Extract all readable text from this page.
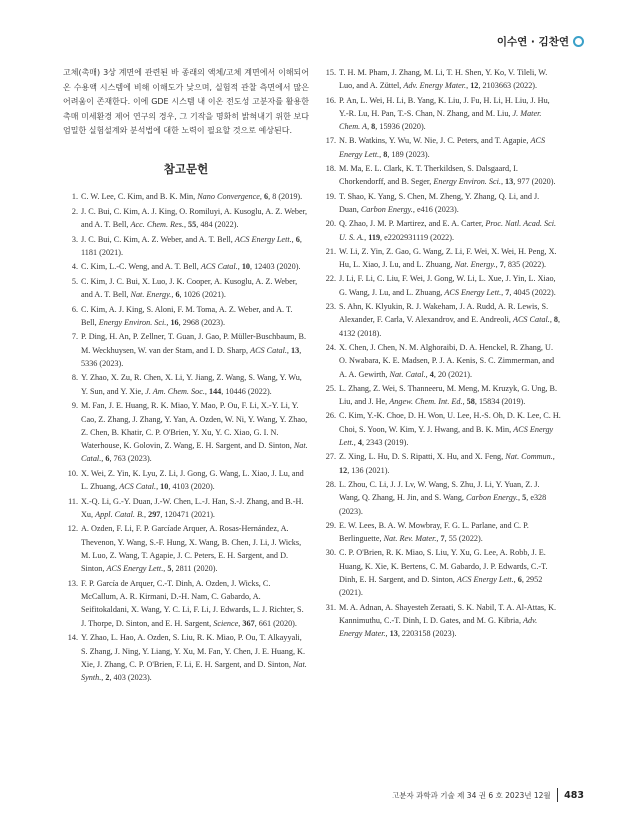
이수연 · 김찬연

고체(촉매) 3상 계면에 관련된 바 종래의 액체/고체 계면에서 이해되어온 수용액 시스템에 비해 이해도가 낮으며, 실험적 관찰 측면에서 많은 어려움이 존재한다. 이에 GDE 시스템 내 이온 전도성 고분자를 활용한 촉매 미세환경 제어 연구의 경우, 그 기작을 명화히 밝혀내기 위한 보다 엄밀한 실험설계와 분석법에 대한 노력이 필요할 것으로 예상된다.

참고문헌
1. C. W. Lee, C. Kim, and B. K. Min, Nano Convergence, 6, 8 (2019).
2. J. C. Bui, C. Kim, A. J. King, O. Romiluyi, A. Kusoglu, A. Z. Weber, and A. T. Bell, Acc. Chem. Res., 55, 484 (2022).
3. J. C. Bui, C. Kim, A. Z. Weber, and A. T. Bell, ACS Energy Lett., 6, 1181 (2021).
4. C. Kim, L.-C. Weng, and A. T. Bell, ACS Catal., 10, 12403 (2020).
5. C. Kim, J. C. Bui, X. Luo, J. K. Cooper, A. Kusoglu, A. Z. Weber, and A. T. Bell, Nat. Energy., 6, 1026 (2021).
6. C. Kim, A. J. King, S. Aloni, F. M. Toma, A. Z. Weber, and A. T. Bell, Energy Environ. Sci., 16, 2968 (2023).
7. P. Ding, H. An, P. Zellner, T. Guan, J. Gao, P. Müller-Buschbaum, B. M. Weckhuysen, W. van der Stam, and I. D. Sharp, ACS Catal., 13, 5336 (2023).
8. Y. Zhao, X. Zu, R. Chen, X. Li, Y. Jiang, Z. Wang, S. Wang, Y. Wu, Y. Sun, and Y. Xie, J. Am. Chem. Soc., 144, 10446 (2022).
9. M. Fan, J. E. Huang, R. K. Miao, Y. Mao, P. Ou, F. Li, X.-Y. Li, Y. Cao, Z. Zhang, J. Zhang, Y. Yan, A. Ozden, W. Ni, Y. Wang, Y. Zhao, Z. Chen, B. Khatir, C. P. O'Brien, Y. Xu, Y. C. Xiao, G. I. N. Waterhouse, K. Golovin, Z. Wang, E. H. Sargent, and D. Sinton, Nat. Catal., 6, 763 (2023).
10. X. Wei, Z. Yin, K. Lyu, Z. Li, J. Gong, G. Wang, L. Xiao, J. Lu, and L. Zhuang, ACS Catal., 10, 4103 (2020).
11. X.-Q. Li, G.-Y. Duan, J.-W. Chen, L.-J. Han, S.-J. Zhang, and B.-H. Xu, Appl. Catal. B., 297, 120471 (2021).
12. A. Ozden, F. Li, F. P. Garcíade Arquer, A. Rosas-Hernández, A. Thevenon, Y. Wang, S.-F. Hung, X. Wang, B. Chen, J. Li, J. Wicks, M. Luo, Z. Wang, T. Agapie, J. C. Peters, E. H. Sargent, and D. Sinton, ACS Energy Lett., 5, 2811 (2020).
13. F. P. García de Arquer, C.-T. Dinh, A. Ozden, J. Wicks, C. McCallum, A. R. Kirmani, D.-H. Nam, C. Gabardo, A. Seifitokaldani, X. Wang, Y. C. Li, F. Li, J. Edwards, L. J. Richter, S. J. Thorpe, D. Sinton, and E. H. Sargent, Science, 367, 661 (2020).
14. Y. Zhao, L. Hao, A. Ozden, S. Liu, R. K. Miao, P. Ou, T. Alkayyali, S. Zhang, J. Ning, Y. Liang, Y. Xu, M. Fan, Y. Chen, J. E. Huang, K. Xie, J. Zhang, C. P. O'Brien, F. Li, E. H. Sargent, and D. Sinton, Nat. Synth., 2, 403 (2023).
15. T. H. M. Pham, J. Zhang, M. Li, T. H. Shen, Y. Ko, V. Tileli, W. Luo, and A. Züttel, Adv. Energy Mater., 12, 2103663 (2022).
16. P. An, L. Wei, H. Li, B. Yang, K. Liu, J. Fu, H. Li, H. Liu, J. Hu, Y.-R. Lu, H. Pan, T.-S. Chan, N. Zhang, and M. Liu, J. Mater. Chem. A, 8, 15936 (2020).
17. N. B. Watkins, Y. Wu, W. Nie, J. C. Peters, and T. Agapie, ACS Energy Lett., 8, 189 (2023).
18. M. Ma, E. L. Clark, K. T. Therkildsen, S. Dalsgaard, I. Chorkendorff, and B. Seger, Energy Environ. Sci., 13, 977 (2020).
19. T. Shao, K. Yang, S. Chen, M. Zheng, Y. Zhang, Q. Li, and J. Duan, Carbon Energy., e416 (2023).
20. Q. Zhao, J. M. P. Martirez, and E. A. Carter, Proc. Natl. Acad. Sci. U. S. A., 119, e2202931119 (2022).
21. W. Li, Z. Yin, Z. Gao, G. Wang, Z. Li, F. Wei, X. Wei, H. Peng, X. Hu, L. Xiao, J. Lu, and L. Zhuang, Nat. Energy., 7, 835 (2022).
22. J. Li, F. Li, C. Liu, F. Wei, J. Gong, W. Li, L. Xue, J. Yin, L. Xiao, G. Wang, J. Lu, and L. Zhuang, ACS Energy Lett., 7, 4045 (2022).
23. S. Ahn, K. Klyukin, R. J. Wakeham, J. A. Rudd, A. R. Lewis, S. Alexander, F. Carla, V. Alexandrov, and E. Andreoli, ACS Catal., 8, 4132 (2018).
24. X. Chen, J. Chen, N. M. Alghoraibi, D. A. Henckel, R. Zhang, U. O. Nwabara, K. E. Madsen, P. J. A. Kenis, S. C. Zimmerman, and A. A. Gewirth, Nat. Catal., 4, 20 (2021).
25. L. Zhang, Z. Wei, S. Thanneeru, M. Meng, M. Kruzyk, G. Ung, B. Liu, and J. He, Angew. Chem. Int. Ed., 58, 15834 (2019).
26. C. Kim, Y.-K. Choe, D. H. Won, U. Lee, H.-S. Oh, D. K. Lee, C. H. Choi, S. Yoon, W. Kim, Y. J. Hwang, and B. K. Min, ACS Energy Lett., 4, 2343 (2019).
27. Z. Xing, L. Hu, D. S. Ripatti, X. Hu, and X. Feng, Nat. Commun., 12, 136 (2021).
28. L. Zhou, C. Li, J. J. Lv, W. Wang, S. Zhu, J. Li, Y. Yuan, Z. J. Wang, Q. Zhang, H. Jin, and S. Wang, Carbon Energy., 5, e328 (2023).
29. E. W. Lees, B. A. W. Mowbray, F. G. L. Parlane, and C. P. Berlinguette, Nat. Rev. Mater., 7, 55 (2022).
30. C. P. O'Brien, R. K. Miao, S. Liu, Y. Xu, G. Lee, A. Robb, J. E. Huang, K. Xie, K. Bertens, C. M. Gabardo, J. P. Edwards, C.-T. Dinh, E. H. Sargent, and D. Sinton, ACS Energy Lett., 6, 2952 (2021).
31. M. A. Adnan, A. Shayesteh Zeraati, S. K. Nabil, T. A. Al-Attas, K. Kannimuthu, C.-T. Dinh, I. D. Gates, and M. G. Kibria, Adv. Energy Mater., 13, 2203158 (2023).
고분자 과학과 기술 제 34 권 6 호 2023년 12월 483
